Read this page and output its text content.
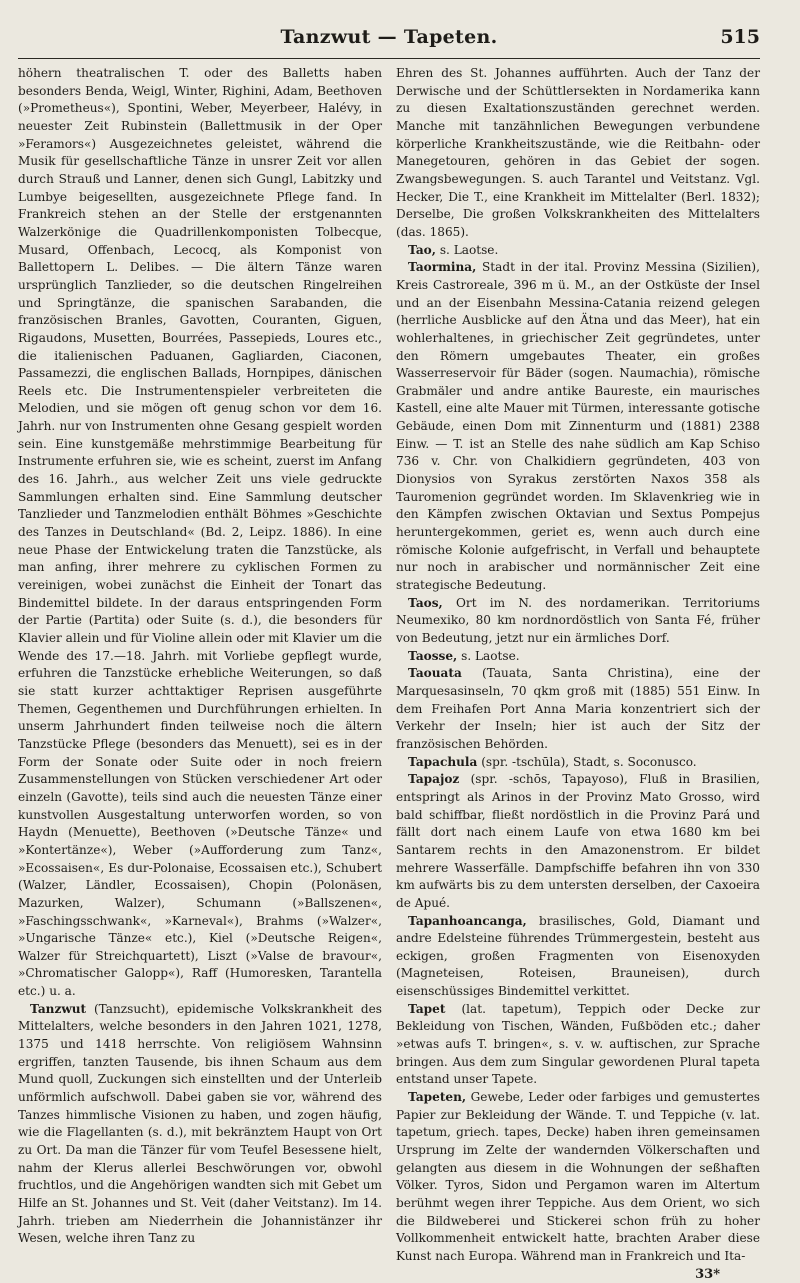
Tanzwut — Tapeten.	515

höhern theatralischen T. oder des Balletts haben besonders Benda, Weigl, Winter, Righini, Adam, Beethoven (»Prometheus«), Spontini, Weber, Meyerbeer, Halévy, in neuester Zeit Rubinstein (Ballettmusik in der Oper »Feramors«) Ausgezeichnetes geleistet, während die Musik für gesellschaftliche Tänze in unsrer Zeit vor allen durch Strauß und Lanner, denen sich Gungl, Labitzky und Lumbye beigesellten, ausgezeichnete Pflege fand. In Frankreich stehen an der Stelle der erstgenannten Walzerkönige die Quadrillenkomponisten Tolbecque, Musard, Offenbach, Lecocq, als Komponist von Ballettopern L. Delibes. — Die ältern Tänze waren ursprünglich Tanzlieder, so die deutschen Ringelreihen und Springtänze, die spanischen Sarabanden, die französischen Branles, Gavotten, Couranten, Giguen, Rigaudons, Musetten, Bourrées, Passepieds, Loures etc., die italienischen Paduanen, Gagliarden, Ciaconen, Passamezzi, die englischen Ballads, Hornpipes, dänischen Reels etc. Die Instrumentenspieler verbreiteten die Melodien, und sie mögen oft genug schon vor dem 16. Jahrh. nur von Instrumenten ohne Gesang gespielt worden sein. Eine kunstgemäße mehrstimmige Bearbeitung für Instrumente erfuhren sie, wie es scheint, zuerst im Anfang des 16. Jahrh., aus welcher Zeit uns viele gedruckte Sammlungen erhalten sind. Eine Sammlung deutscher Tanzlieder und Tanzmelodien enthält Böhmes »Geschichte des Tanzes in Deutschland« (Bd. 2, Leipz. 1886). In eine neue Phase der Entwickelung traten die Tanzstücke, als man anfing, ihrer mehrere zu cyklischen Formen zu vereinigen, wobei zunächst die Einheit der Tonart das Bindemittel bildete. In der daraus entspringenden Form der Partie (Partita) oder Suite (s. d.), die besonders für Klavier allein und für Violine allein oder mit Klavier um die Wende des 17.—18. Jahrh. mit Vorliebe gepflegt wurde, erfuhren die Tanzstücke erhebliche Weiterungen, so daß sie statt kurzer achttaktiger Reprisen ausgeführte Themen, Gegenthemen und Durchführungen erhielten. In unserm Jahrhundert finden teilweise noch die ältern Tanzstücke Pflege (besonders das Menuett), sei es in der Form der Sonate oder Suite oder in noch freiern Zusammenstellungen von Stücken verschiedener Art oder einzeln (Gavotte), teils sind auch die neuesten Tänze einer kunstvollen Ausgestaltung unterworfen worden, so von Haydn (Menuette), Beethoven (»Deutsche Tänze« und »Kontertänze«), Weber (»Aufforderung zum Tanz«, »Ecossaisen«, Es dur-Polonaise, Ecossaisen etc.), Schubert (Walzer, Ländler, Ecossaisen), Chopin (Polonäsen, Mazurken, Walzer), Schumann (»Ballszenen«, »Faschingsschwank«, »Karneval«), Brahms (»Walzer«, »Ungarische Tänze« etc.), Kiel (»Deutsche Reigen«, Walzer für Streichquartett), Liszt (»Valse de bravour«, »Chromatischer Galopp«), Raff (Humoresken, Tarantella etc.) u. a.

Tanzwut (Tanzsucht), epidemische Volkskrankheit des Mittelalters, welche besonders in den Jahren 1021, 1278, 1375 und 1418 herrschte. Von religiösem Wahnsinn ergriffen, tanzten Tausende, bis ihnen Schaum aus dem Mund quoll, Zuckungen sich einstellten und der Unterleib unförmlich aufschwoll. Dabei gaben sie vor, während des Tanzes himmlische Visionen zu haben, und zogen häufig, wie die Flagellanten (s. d.), mit bekränztem Haupt von Ort zu Ort. Da man die Tänzer für vom Teufel Besessene hielt, nahm der Klerus allerlei Beschwörungen vor, obwohl fruchtlos, und die Angehörigen wandten sich mit Gebet um Hilfe an St. Johannes und St. Veit (daher Veitstanz). Im 14. Jahrh. trieben am Niederrhein die Johannistänzer ihr Wesen, welche ihren Tanz zu

Ehren des St. Johannes aufführten. Auch der Tanz der Derwische und der Schüttlersekten in Nordamerika kann zu diesen Exaltationszuständen gerechnet werden. Manche mit tanzähnlichen Bewegungen verbundene körperliche Krankheitszustände, wie die Reitbahn- oder Manegetouren, gehören in das Gebiet der sogen. Zwangsbewegungen. S. auch Tarantel und Veitstanz. Vgl. Hecker, Die T., eine Krankheit im Mittelalter (Berl. 1832); Derselbe, Die großen Volkskrankheiten des Mittelalters (das. 1865).

Tao, s. Laotse.

Taormina, Stadt in der ital. Provinz Messina (Sizilien), Kreis Castroreale, 396 m ü. M., an der Ostküste der Insel und an der Eisenbahn Messina-Catania reizend gelegen (herrliche Ausblicke auf den Ätna und das Meer), hat ein wohlerhaltenes, in griechischer Zeit gegründetes, unter den Römern umgebautes Theater, ein großes Wasserreservoir für Bäder (sogen. Naumachia), römische Grabmäler und andre antike Baureste, ein maurisches Kastell, eine alte Mauer mit Türmen, interessante gotische Gebäude, einen Dom mit Zinnenturm und (1881) 2388 Einw. — T. ist an Stelle des nahe südlich am Kap Schiso 736 v. Chr. von Chalkidiern gegründeten, 403 von Dionysios von Syrakus zerstörten Naxos 358 als Tauromenion gegründet worden. Im Sklavenkrieg wie in den Kämpfen zwischen Oktavian und Sextus Pompejus heruntergekommen, geriet es, wenn auch durch eine römische Kolonie aufgefrischt, in Verfall und behauptete nur noch in arabischer und normännischer Zeit eine strategische Bedeutung.

Taos, Ort im N. des nordamerikan. Territoriums Neumexiko, 80 km nordnordöstlich von Santa Fé, früher von Bedeutung, jetzt nur ein ärmliches Dorf.

Taosse, s. Laotse.

Taouata (Tauata, Santa Christina), eine der Marquesasinseln, 70 qkm groß mit (1885) 551 Einw. In dem Freihafen Port Anna Maria konzentriert sich der Verkehr der Inseln; hier ist auch der Sitz der französischen Behörden.

Tapachula (spr. -tschūla), Stadt, s. Soconusco.

Tapajoz (spr. -schōs, Tapayoso), Fluß in Brasilien, entspringt als Arinos in der Provinz Mato Grosso, wird bald schiffbar, fließt nordöstlich in die Provinz Pará und fällt dort nach einem Laufe von etwa 1680 km bei Santarem rechts in den Amazonenstrom. Er bildet mehrere Wasserfälle. Dampfschiffe befahren ihn von 330 km aufwärts bis zu dem untersten derselben, der Caxoeira de Apué.

Tapanhoancanga, brasilisches, Gold, Diamant und andre Edelsteine führendes Trümmergestein, besteht aus eckigen, großen Fragmenten von Eisenoxyden (Magneteisen, Roteisen, Brauneisen), durch eisenschüssiges Bindemittel verkittet.

Tapet (lat. tapetum), Teppich oder Decke zur Bekleidung von Tischen, Wänden, Fußböden etc.; daher »etwas aufs T. bringen«, s. v. w. auftischen, zur Sprache bringen. Aus dem zum Singular gewordenen Plural tapeta entstand unser Tapete.

Tapeten, Gewebe, Leder oder farbiges und gemustertes Papier zur Bekleidung der Wände. T. und Teppiche (v. lat. tapetum, griech. tapes, Decke) haben ihren gemeinsamen Ursprung im Zelte der wandernden Völkerschaften und gelangten aus diesem in die Wohnungen der seßhaften Völker. Tyros, Sidon und Pergamon waren im Altertum berühmt wegen ihrer Teppiche. Aus dem Orient, wo sich die Bildweberei und Stickerei schon früh zu hoher Vollkommenheit entwickelt hatte, brachten Araber diese Kunst nach Europa. Während man in Frankreich und Ita-

33*
